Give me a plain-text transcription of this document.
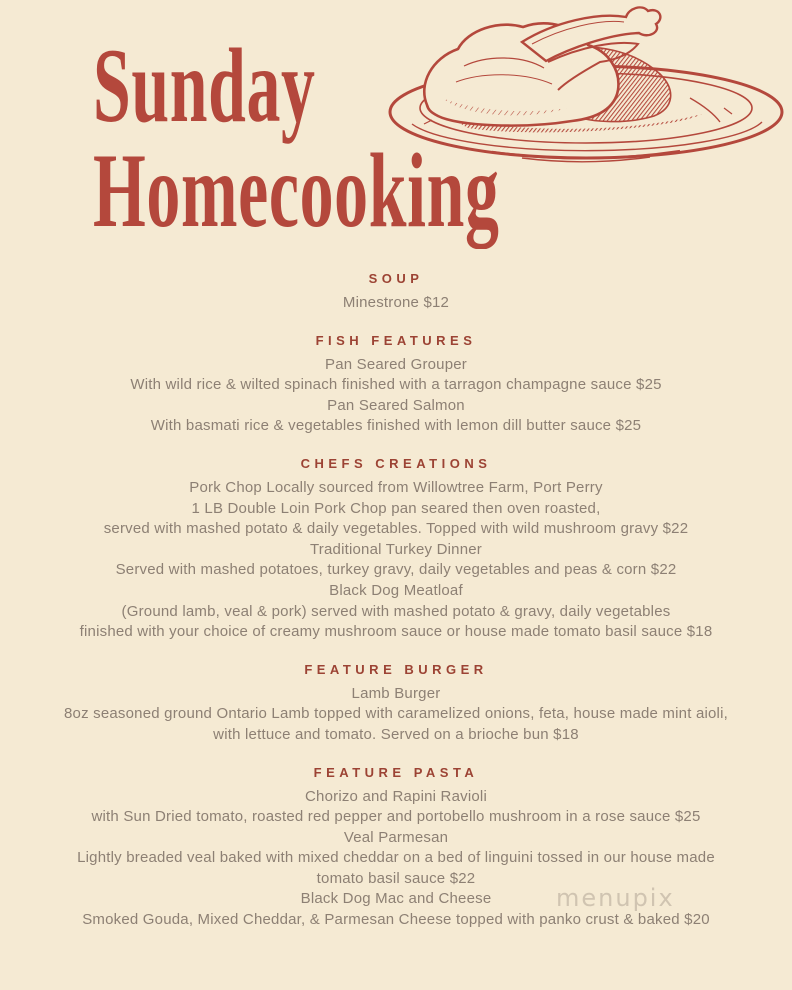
menupix
Sunday
Homecooking
SOUP

Minestrone $12

FISH FEATURES

Pan Seared Grouper

With wild rice & wilted spinach finished with a tarragon champagne sauce $25

Pan Seared Salmon

With basmati rice & vegetables finished with lemon dill butter sauce $25

CHEFS CREATIONS

Pork Chop Locally sourced from Willowtree Farm, Port Perry

1 LB Double Loin Pork Chop pan seared then oven roasted,

served with mashed potato & daily vegetables. Topped with wild mushroom gravy $22

Traditional Turkey Dinner

Served with mashed potatoes, turkey gravy, daily vegetables and peas & corn $22

Black Dog Meatloaf

(Ground lamb, veal & pork) served with mashed potato & gravy, daily vegetables

finished with your choice of creamy mushroom sauce or house made tomato basil sauce $18

FEATURE BURGER

Lamb Burger

8oz seasoned ground Ontario Lamb topped with caramelized onions, feta, house made mint aioli,

with lettuce and tomato. Served on a brioche bun $18

FEATURE PASTA

Chorizo and Rapini Ravioli

with Sun Dried tomato, roasted red pepper and portobello mushroom in a rose sauce $25

Veal Parmesan

Lightly breaded veal baked with mixed cheddar on a bed of linguini tossed in our house made

tomato basil sauce $22

Black Dog Mac and Cheese

Smoked Gouda, Mixed Cheddar, & Parmesan Cheese topped with panko crust & baked $20
